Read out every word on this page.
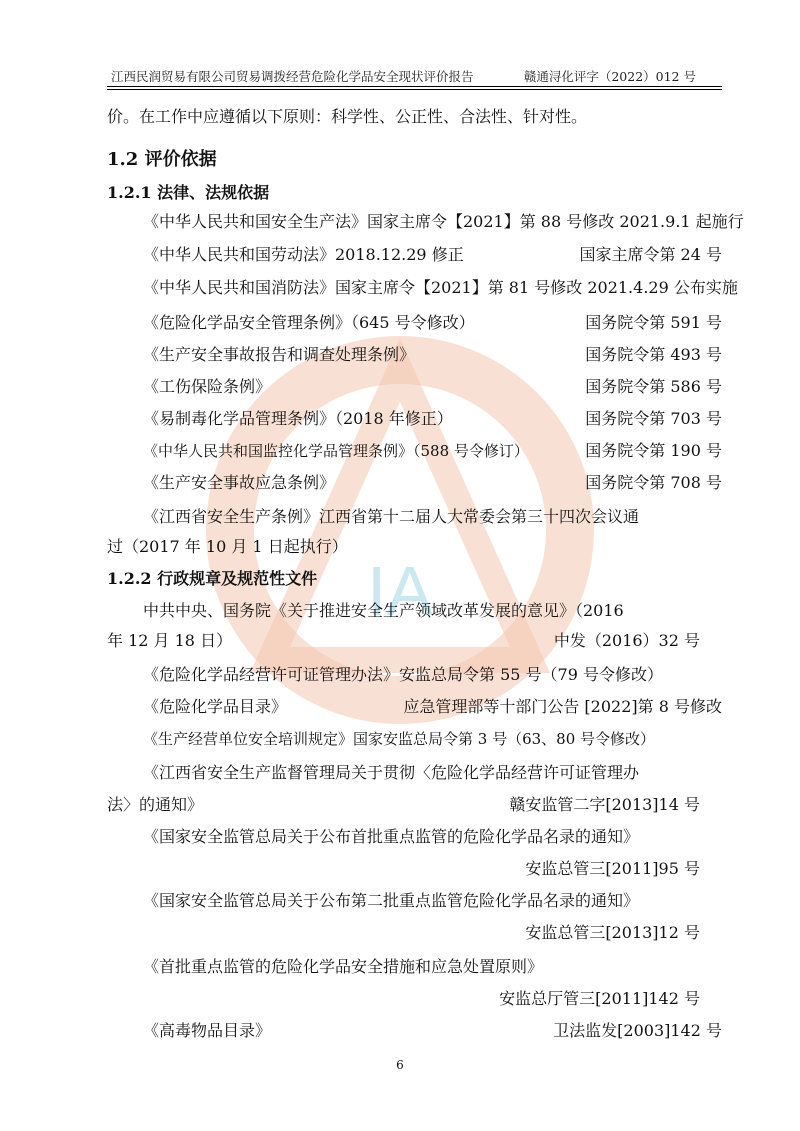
IA
江西民润贸易有限公司贸易调拨经营危险化学品安全现状评价报告	赣通浔化评字（2022）012 号
价。在工作中应遵循以下原则：科学性、公正性、合法性、针对性。
1.2 评价依据
1.2.1 法律、法规依据
《中华人民共和国安全生产法》国家主席令【2021】第 88 号修改 2021.9.1 起施行
《中华人民共和国劳动法》2018.12.29 修正	国家主席令第 24 号
《中华人民共和国消防法》国家主席令【2021】第 81 号修改 2021.4.29 公布实施
《危险化学品安全管理条例》（645 号令修改）	国务院令第 591 号
《生产安全事故报告和调查处理条例》	国务院令第 493 号
《工伤保险条例》	国务院令第 586 号
《易制毒化学品管理条例》（2018 年修正）	国务院令第 703 号
《中华人民共和国监控化学品管理条例》（588 号令修订）	国务院令第 190 号
《生产安全事故应急条例》	国务院令第 708 号
《江西省安全生产条例》江西省第十二届人大常委会第三十四次会议通
过（2017 年 10 月 1 日起执行）
1.2.2 行政规章及规范性文件
中共中央、国务院《关于推进安全生产领域改革发展的意见》（2016
年 12 月 18 日）	中发（2016）32 号
《危险化学品经营许可证管理办法》安监总局令第 55 号（79 号令修改）
《危险化学品目录》	应急管理部等十部门公告 [2022]第 8 号修改
《生产经营单位安全培训规定》国家安监总局令第 3 号（63、80 号令修改）
《江西省安全生产监督管理局关于贯彻〈危险化学品经营许可证管理办
法〉的通知》	赣安监管二字[2013]14 号
《国家安全监管总局关于公布首批重点监管的危险化学品名录的通知》
安监总管三[2011]95 号
《国家安全监管总局关于公布第二批重点监管危险化学品名录的通知》
安监总管三[2013]12 号
《首批重点监管的危险化学品安全措施和应急处置原则》
安监总厅管三[2011]142 号
《高毒物品目录》	卫法监发[2003]142 号
6
